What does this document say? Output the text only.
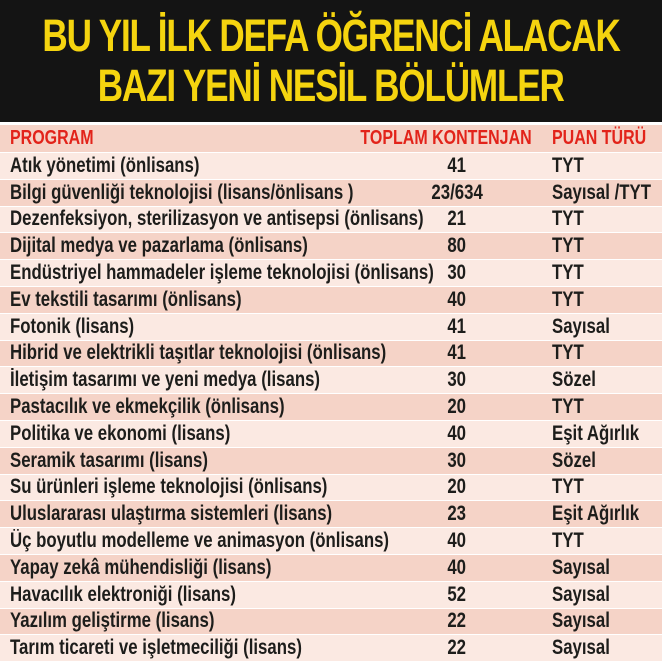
BU YIL İLK DEFA ÖĞRENCİ ALACAK
BAZI YENİ NESİL BÖLÜMLER
PROGRAM	TOPLAM KONTENJAN PUAN TÜRÜ
Atık yönetimi (önlisans)	41	TYT
Bilgi güvenliği teknolojisi (lisans/önlisans )	23/634	Sayısal /TYT
Dezenfeksiyon, sterilizasyon ve antisepsi (önlisans) 21	TYT
Dijital medya ve pazarlama (önlisans)	80	TYT
Endüstriyel hammadeler işleme teknolojisi (önlisans) 30	TYT
Ev tekstili tasarımı (önlisans)	40	TYT
Fotonik (lisans)	41	Sayısal
Hibrid ve elektrikli taşıtlar teknolojisi (önlisans)	41	TYT
İletişim tasarımı ve yeni medya (lisans)	30	Sözel
Pastacılık ve ekmekçilik (önlisans)	20	TYT
Politika ve ekonomi (lisans)	40	Eşit Ağırlık
Seramik tasarımı (lisans)	30	Sözel
Su ürünleri işleme teknolojisi (önlisans)	20	TYT
Uluslararası ulaştırma sistemleri (lisans)	23	Eşit Ağırlık
Üç boyutlu modelleme ve animasyon (önlisans)	40	TYT
Yapay zekâ mühendisliği (lisans)	40	Sayısal
Havacılık elektroniği (lisans)	52	Sayısal
Yazılım geliştirme (lisans)	22	Sayısal
Tarım ticareti ve işletmeciliği (lisans)	22	Sayısal
